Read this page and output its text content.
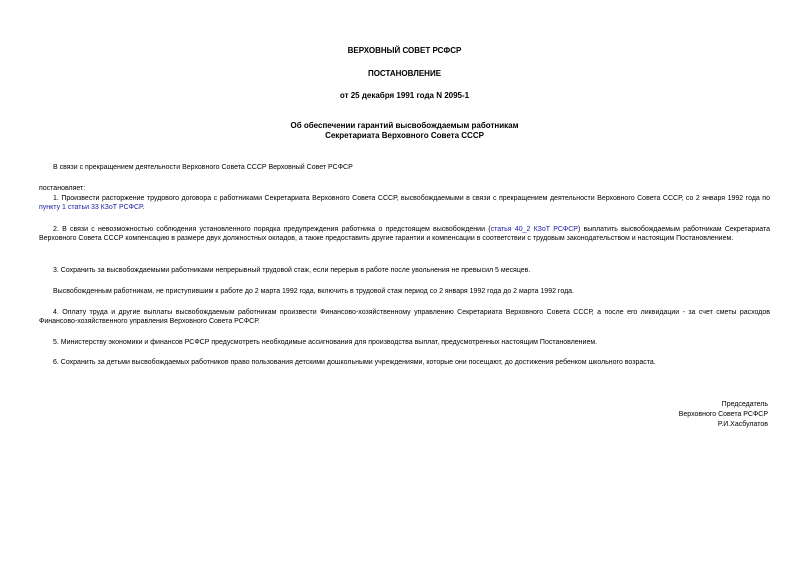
ВЕРХОВНЫЙ СОВЕТ РСФСР
ПОСТАНОВЛЕНИЕ
от 25 декабря 1991 года N 2095-1
Об обеспечении гарантий высвобождаемым работникам
Секретариата Верховного Совета СССР
В связи с прекращением деятельности Верховного Совета СССР Верховный Совет РСФСР
постановляет:
1. Произвести расторжение трудового договора с работниками Секретариата Верховного Совета СССР, высвобождаемыми в связи с прекращением деятельности Верховного Совета СССР, со 2 января 1992 года по пункту 1 статьи 33 КЗоТ РСФСР.
2. В связи с невозможностью соблюдения установленного порядка предупреждения работника о предстоящем высвобождении (статья 40_2 КЗоТ РСФСР) выплатить высвобождаемым работникам Секретариата Верховного Совета СССР компенсацию в размере двух должностных окладов, а также предоставить другие гарантии и компенсации в соответствии с трудовым законодательством и настоящим Постановлением.
3. Сохранить за высвобождаемыми работниками непрерывный трудовой стаж, если перерыв в работе после увольнения не превысил 5 месяцев.
Высвобожденным работникам, не приступившим к работе до 2 марта 1992 года, включить в трудовой стаж период со 2 января 1992 года до 2 марта 1992 года.
4. Оплату труда и другие выплаты высвобождаемым работникам произвести Финансово-хозяйственному управлению Секретариата Верховного Совета СССР, а после его ликвидации - за счет сметы расходов Финансово-хозяйственного управления Верховного Совета РСФСР.
5. Министерству экономики и финансов РСФСР предусмотреть необходимые ассигнования для производства выплат, предусмотренных настоящим Постановлением.
6. Сохранить за детьми высвобождаемых работников право пользования детскими дошкольными учреждениями, которые они посещают, до достижения ребенком школьного возраста.
Председатель
Верховного Совета РСФСР
Р.И.Хасбулатов
